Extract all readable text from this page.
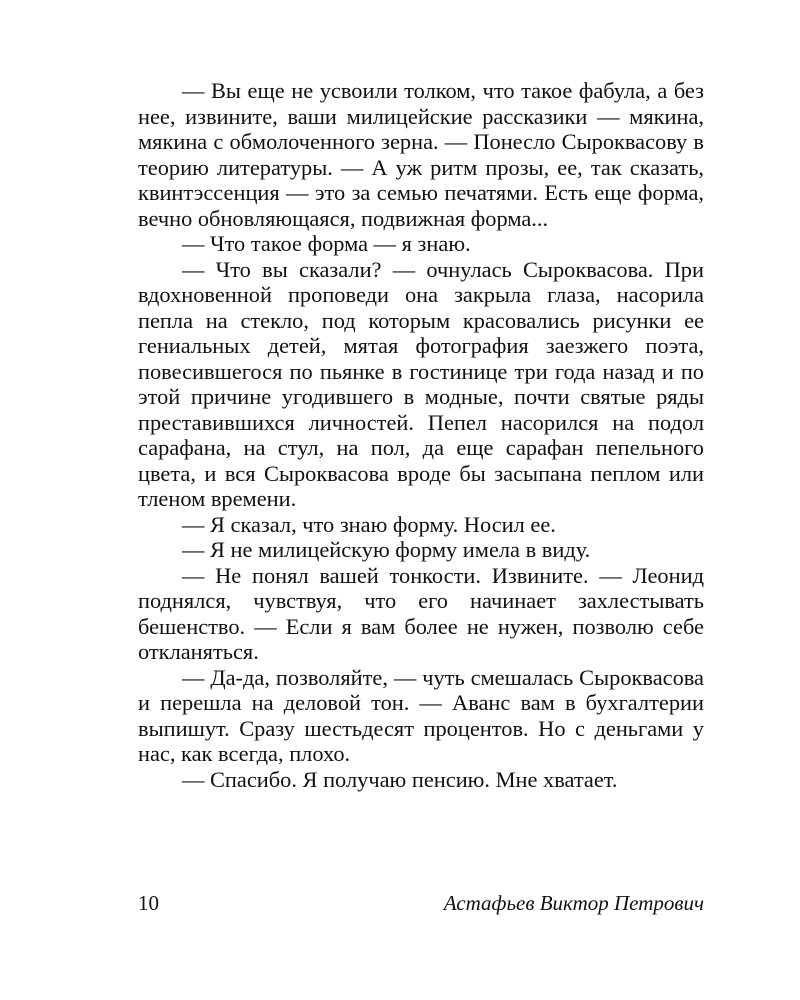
— Вы еще не усвоили толком, что такое фабула, а без нее, извините, ваши милицейские рассказики — мякина, мякина с обмолоченного зерна. — Понесло Сыроквасову в теорию литературы. — А уж ритм прозы, ее, так сказать, квинтэссенция — это за семью печатями. Есть еще форма, вечно обновляющаяся, подвижная форма...

— Что такое форма — я знаю.

— Что вы сказали? — очнулась Сыроквасова. При вдохновенной проповеди она закрыла глаза, насорила пепла на стекло, под которым красовались рисунки ее гениальных детей, мятая фотография заезжего поэта, повесившегося по пьянке в гостинице три года назад и по этой причине угодившего в модные, почти святые ряды преставившихся личностей. Пепел насорился на подол сарафана, на стул, на пол, да еще сарафан пепельного цвета, и вся Сыроквасова вроде бы засыпана пеплом или тленом времени.

— Я сказал, что знаю форму. Носил ее.

— Я не милицейскую форму имела в виду.

— Не понял вашей тонкости. Извините. — Леонид поднялся, чувствуя, что его начинает захлестывать бешенство. — Если я вам более не нужен, позволю себе откланяться.

— Да-да, позволяйте, — чуть смешалась Сыроквасова и перешла на деловой тон. — Аванс вам в бухгалтерии выпишут. Сразу шестьдесят процентов. Но с деньгами у нас, как всегда, плохо.

— Спасибо. Я получаю пенсию. Мне хватает.

10	Астафьев Виктор Петрович
